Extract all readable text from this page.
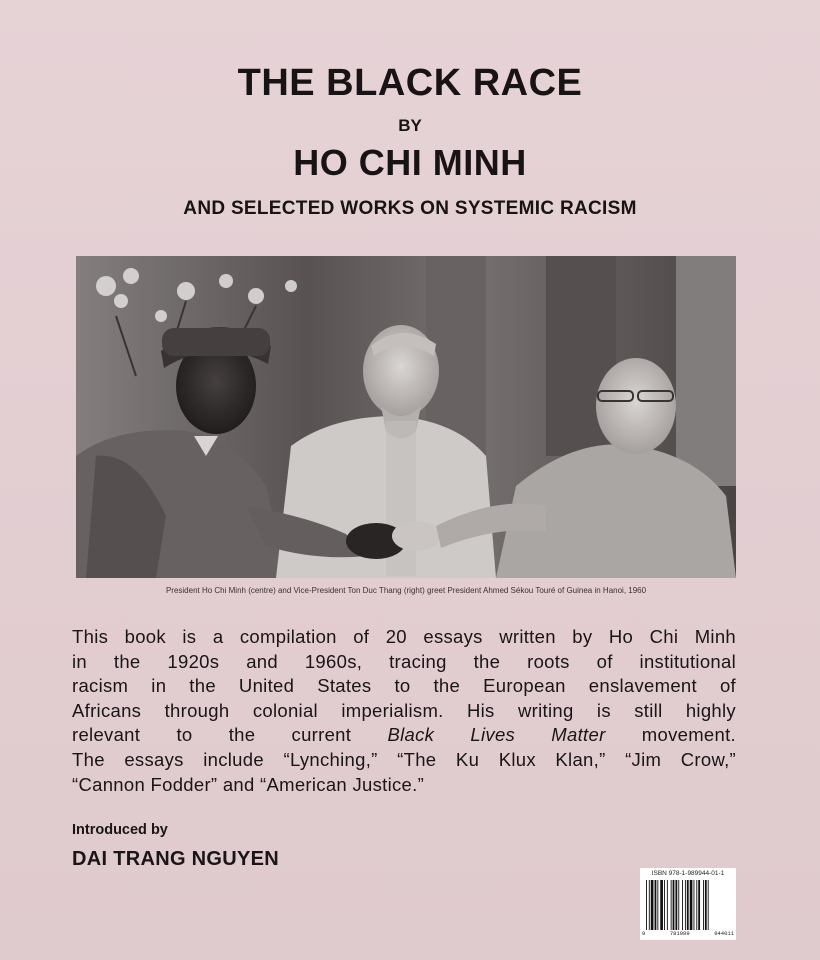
THE BLACK RACE
BY
HO CHI MINH
AND SELECTED WORKS ON SYSTEMIC RACISM
President Ho Chi Minh (centre) and Vice-President Ton Duc Thang (right) greet President Ahmed Sékou Touré of Guinea in Hanoi, 1960
This book is a compilation of 20 essays written by Ho Chi Minh
in the 1920s and 1960s, tracing the roots of institutional
racism in the United States to the European enslavement of
Africans through colonial imperialism. His writing is still highly
relevant to the current Black Lives Matter movement.
The essays include “Lynching,” “The Ku Klux Klan,” “Jim Crow,”
“Cannon Fodder” and “American Justice.”
Introduced by
DAI TRANG NGUYEN
ISBN 978-1-989944-01-1
9	781989	944011
